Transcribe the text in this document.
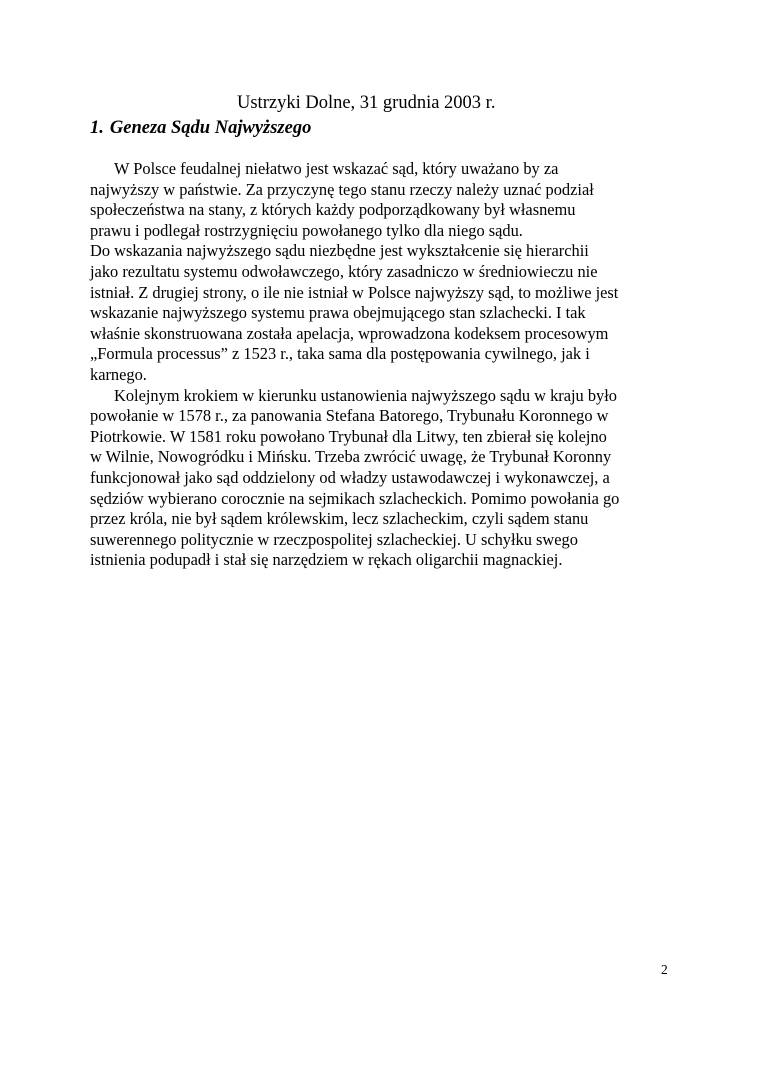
Ustrzyki Dolne, 31 grudnia 2003 r.
1. Geneza Sądu Najwyższego
W Polsce feudalnej niełatwo jest wskazać sąd, który uważano by za
najwyższy w państwie. Za przyczynę tego stanu rzeczy należy uznać podział
społeczeństwa na stany, z których każdy podporządkowany był własnemu
prawu i podlegał rostrzygnięciu powołanego tylko dla niego sądu.
Do wskazania najwyższego sądu niezbędne jest wykształcenie się hierarchii
jako rezultatu systemu odwoławczego, który zasadniczo w średniowieczu nie
istniał. Z drugiej strony, o ile nie istniał w Polsce najwyższy sąd, to możliwe jest
wskazanie najwyższego systemu prawa obejmującego stan szlachecki. I tak
właśnie skonstruowana została apelacja, wprowadzona kodeksem procesowym
„Formula processus” z 1523 r., taka sama dla postępowania cywilnego, jak i
karnego.
Kolejnym krokiem w kierunku ustanowienia najwyższego sądu w kraju było
powołanie w 1578 r., za panowania Stefana Batorego, Trybunału Koronnego w
Piotrkowie. W 1581 roku powołano Trybunał dla Litwy, ten zbierał się kolejno
w Wilnie, Nowogródku i Mińsku. Trzeba zwrócić uwagę, że Trybunał Koronny
funkcjonował jako sąd oddzielony od władzy ustawodawczej i wykonawczej, a
sędziów wybierano corocznie na sejmikach szlacheckich. Pomimo powołania go
przez króla, nie był sądem królewskim, lecz szlacheckim, czyli sądem stanu
suwerennego politycznie w rzeczpospolitej szlacheckiej. U schyłku swego
istnienia podupadł i stał się narzędziem w rękach oligarchii magnackiej.
2
